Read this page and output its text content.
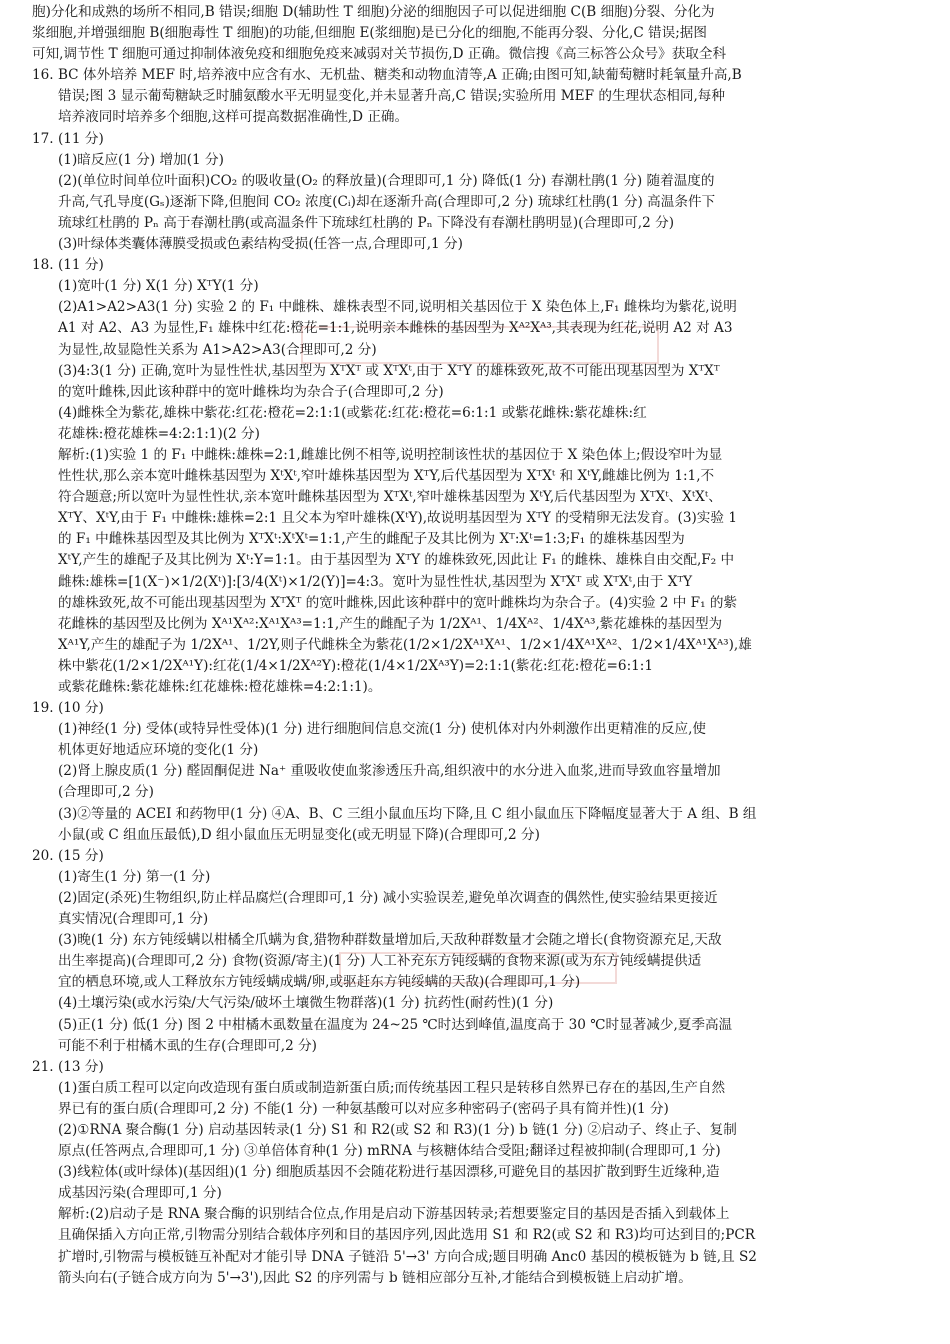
胞)分化和成熟的场所不相同,B 错误;细胞 D(辅助性 T 细胞)分泌的细胞因子可以促进细胞 C(B 细胞)分裂、分化为
浆细胞,并增强细胞 B(细胞毒性 T 细胞)的功能,但细胞 E(浆细胞)是已分化的细胞,不能再分裂、分化,C 错误;据图
可知,调节性 T 细胞可通过抑制体液免疫和细胞免疫来减弱对关节损伤,D 正确。微信搜《高三标答公众号》获取全科
16. BC 体外培养 MEF 时,培养液中应含有水、无机盐、糖类和动物血清等,A 正确;由图可知,缺葡萄糖时耗氧量升高,B
错误;图 3 显示葡萄糖缺乏时脯氨酸水平无明显变化,并未显著升高,C 错误;实验所用 MEF 的生理状态相同,每种
培养液同时培养多个细胞,这样可提高数据准确性,D 正确。
17. (11 分)
(1)暗反应(1 分) 增加(1 分)
(2)(单位时间单位叶面积)CO₂ 的吸收量(O₂ 的释放量)(合理即可,1 分) 降低(1 分) 春潮杜鹃(1 分) 随着温度的
升高,气孔导度(Gₛ)逐渐下降,但胞间 CO₂ 浓度(Cᵢ)却在逐渐升高(合理即可,2 分) 琉球红杜鹃(1 分) 高温条件下
琉球红杜鹃的 Pₙ 高于春潮杜鹃(或高温条件下琉球红杜鹃的 Pₙ 下降没有春潮杜鹃明显)(合理即可,2 分)
(3)叶绿体类囊体薄膜受损或色素结构受损(任答一点,合理即可,1 分)
18. (11 分)
(1)宽叶(1 分) X(1 分) XᵀY(1 分)
(2)A1>A2>A3(1 分) 实验 2 的 F₁ 中雌株、雄株表型不同,说明相关基因位于 X 染色体上,F₁ 雌株均为紫花,说明
A1 对 A2、A3 为显性,F₁ 雄株中红花:橙花=1:1,说明亲本雌株的基因型为 Xᴬ²Xᴬ³,其表现为红花,说明 A2 对 A3
为显性,故显隐性关系为 A1>A2>A3(合理即可,2 分)
(3)4:3(1 分) 正确,宽叶为显性性状,基因型为 XᵀXᵀ 或 XᵀXᵗ,由于 XᵀY 的雄株致死,故不可能出现基因型为 XᵀXᵀ
的宽叶雌株,因此该种群中的宽叶雌株均为杂合子(合理即可,2 分)
(4)雌株全为紫花,雄株中紫花:红花:橙花=2:1:1(或紫花:红花:橙花=6:1:1 或紫花雌株:紫花雄株:红
花雄株:橙花雄株=4:2:1:1)(2 分)
解析:(1)实验 1 的 F₁ 中雌株:雄株=2:1,雌雄比例不相等,说明控制该性状的基因位于 X 染色体上;假设窄叶为显
性性状,那么亲本宽叶雌株基因型为 XᵗXᵗ,窄叶雄株基因型为 XᵀY,后代基因型为 XᵀXᵗ 和 XᵗY,雌雄比例为 1:1,不
符合题意;所以宽叶为显性性状,亲本宽叶雌株基因型为 XᵀXᵗ,窄叶雄株基因型为 XᵗY,后代基因型为 XᵀXᵗ、XᵗXᵗ、
XᵀY、XᵗY,由于 F₁ 中雌株:雄株=2:1 且父本为窄叶雄株(XᵗY),故说明基因型为 XᵀY 的受精卵无法发育。(3)实验 1
的 F₁ 中雌株基因型及其比例为 XᵀXᵗ:XᵗXᵗ=1:1,产生的雌配子及其比例为 Xᵀ:Xᵗ=1:3;F₁ 的雄株基因型为
XᵗY,产生的雄配子及其比例为 Xᵗ:Y=1:1。由于基因型为 XᵀY 的雄株致死,因此让 F₁ 的雌株、雄株自由交配,F₂ 中
雌株:雄株=[1(X⁻)×1/2(Xᵗ)]:[3/4(Xᵗ)×1/2(Y)]=4:3。宽叶为显性性状,基因型为 XᵀXᵀ 或 XᵀXᵗ,由于 XᵀY
的雄株致死,故不可能出现基因型为 XᵀXᵀ 的宽叶雌株,因此该种群中的宽叶雌株均为杂合子。(4)实验 2 中 F₁ 的紫
花雌株的基因型及比例为 Xᴬ¹Xᴬ²:Xᴬ¹Xᴬ³=1:1,产生的雌配子为 1/2Xᴬ¹、1/4Xᴬ²、1/4Xᴬ³,紫花雄株的基因型为
Xᴬ¹Y,产生的雄配子为 1/2Xᴬ¹、1/2Y,则子代雌株全为紫花(1/2×1/2Xᴬ¹Xᴬ¹、1/2×1/4Xᴬ¹Xᴬ²、1/2×1/4Xᴬ¹Xᴬ³),雄
株中紫花(1/2×1/2Xᴬ¹Y):红花(1/4×1/2Xᴬ²Y):橙花(1/4×1/2Xᴬ³Y)=2:1:1(紫花:红花:橙花=6:1:1
或紫花雌株:紫花雄株:红花雄株:橙花雄株=4:2:1:1)。
19. (10 分)
(1)神经(1 分) 受体(或特异性受体)(1 分) 进行细胞间信息交流(1 分) 使机体对内外刺激作出更精准的反应,使
机体更好地适应环境的变化(1 分)
(2)肾上腺皮质(1 分) 醛固酮促进 Na⁺ 重吸收使血浆渗透压升高,组织液中的水分进入血浆,进而导致血容量增加
(合理即可,2 分)
(3)②等量的 ACEI 和药物甲(1 分) ④A、B、C 三组小鼠血压均下降,且 C 组小鼠血压下降幅度显著大于 A 组、B 组
小鼠(或 C 组血压最低),D 组小鼠血压无明显变化(或无明显下降)(合理即可,2 分)
20. (15 分)
(1)寄生(1 分) 第一(1 分)
(2)固定(杀死)生物组织,防止样品腐烂(合理即可,1 分) 减小实验误差,避免单次调查的偶然性,使实验结果更接近
真实情况(合理即可,1 分)
(3)晚(1 分) 东方钝绥螨以柑橘全爪螨为食,猎物种群数量增加后,天敌种群数量才会随之增长(食物资源充足,天敌
出生率提高)(合理即可,2 分) 食物(资源/寄主)(1 分) 人工补充东方钝绥螨的食物来源(或为东方钝绥螨提供适
宜的栖息环境,或人工释放东方钝绥螨成螨/卵,或驱赶东方钝绥螨的天敌)(合理即可,1 分)
(4)土壤污染(或水污染/大气污染/破坏土壤微生物群落)(1 分) 抗药性(耐药性)(1 分)
(5)正(1 分) 低(1 分) 图 2 中柑橘木虱数量在温度为 24~25 ℃时达到峰值,温度高于 30 ℃时显著减少,夏季高温
可能不利于柑橘木虱的生存(合理即可,2 分)
21. (13 分)
(1)蛋白质工程可以定向改造现有蛋白质或制造新蛋白质;而传统基因工程只是转移自然界已存在的基因,生产自然
界已有的蛋白质(合理即可,2 分) 不能(1 分) 一种氨基酸可以对应多种密码子(密码子具有简并性)(1 分)
(2)①RNA 聚合酶(1 分) 启动基因转录(1 分) S1 和 R2(或 S2 和 R3)(1 分) b 链(1 分) ②启动子、终止子、复制
原点(任答两点,合理即可,1 分) ③单倍体育种(1 分) mRNA 与核糖体结合受阻;翻译过程被抑制(合理即可,1 分)
(3)线粒体(或叶绿体)(基因组)(1 分) 细胞质基因不会随花粉进行基因漂移,可避免目的基因扩散到野生近缘种,造
成基因污染(合理即可,1 分)
解析:(2)启动子是 RNA 聚合酶的识别结合位点,作用是启动下游基因转录;若想要鉴定目的基因是否插入到载体上
且确保插入方向正常,引物需分别结合载体序列和目的基因序列,因此选用 S1 和 R2(或 S2 和 R3)均可达到目的;PCR
扩增时,引物需与模板链互补配对才能引导 DNA 子链沿 5'→3' 方向合成;题目明确 Anc0 基因的模板链为 b 链,且 S2
箭头向右(子链合成方向为 5'→3'),因此 S2 的序列需与 b 链相应部分互补,才能结合到模板链上启动扩增。
